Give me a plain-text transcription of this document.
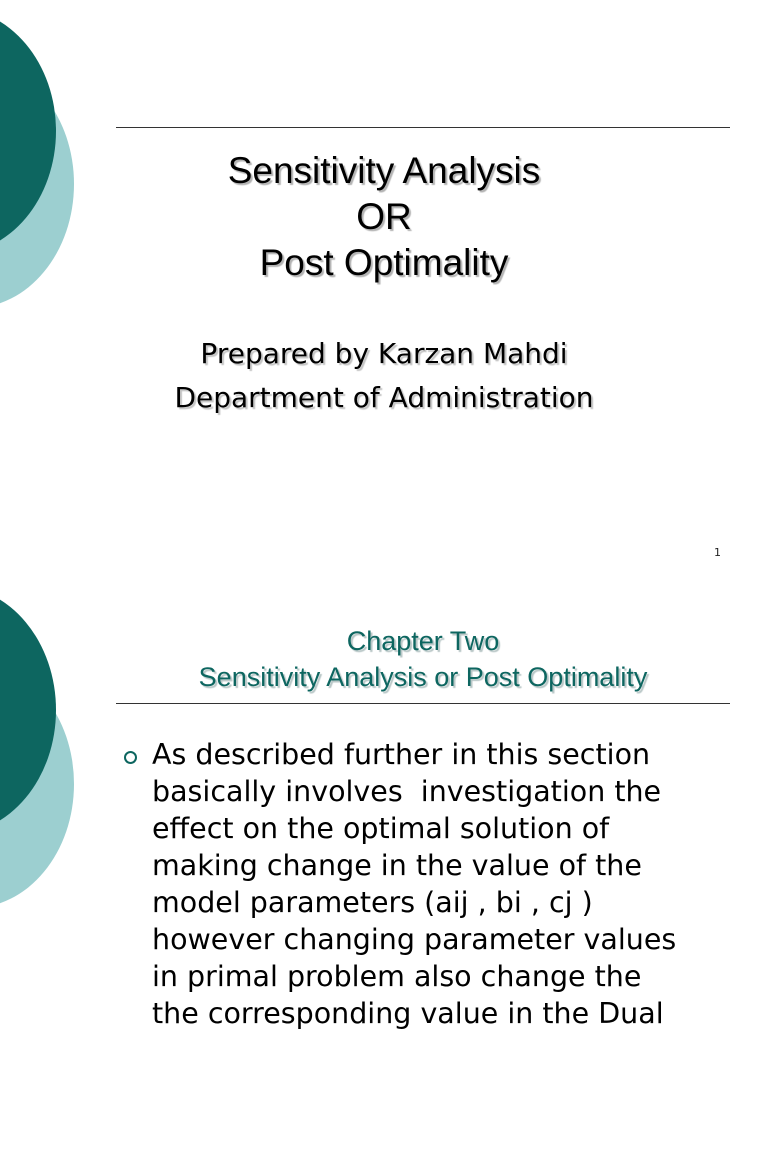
Sensitivity Analysis
OR
Post Optimality
Prepared by Karzan Mahdi
Department of Administration
1
Chapter Two
Sensitivity Analysis or Post Optimality
As described further in this section
basically involves  investigation the
effect on the optimal solution of
making change in the value of the
model parameters (aij , bi , cj )
however changing parameter values
in primal problem also change the
the corresponding value in the Dual
